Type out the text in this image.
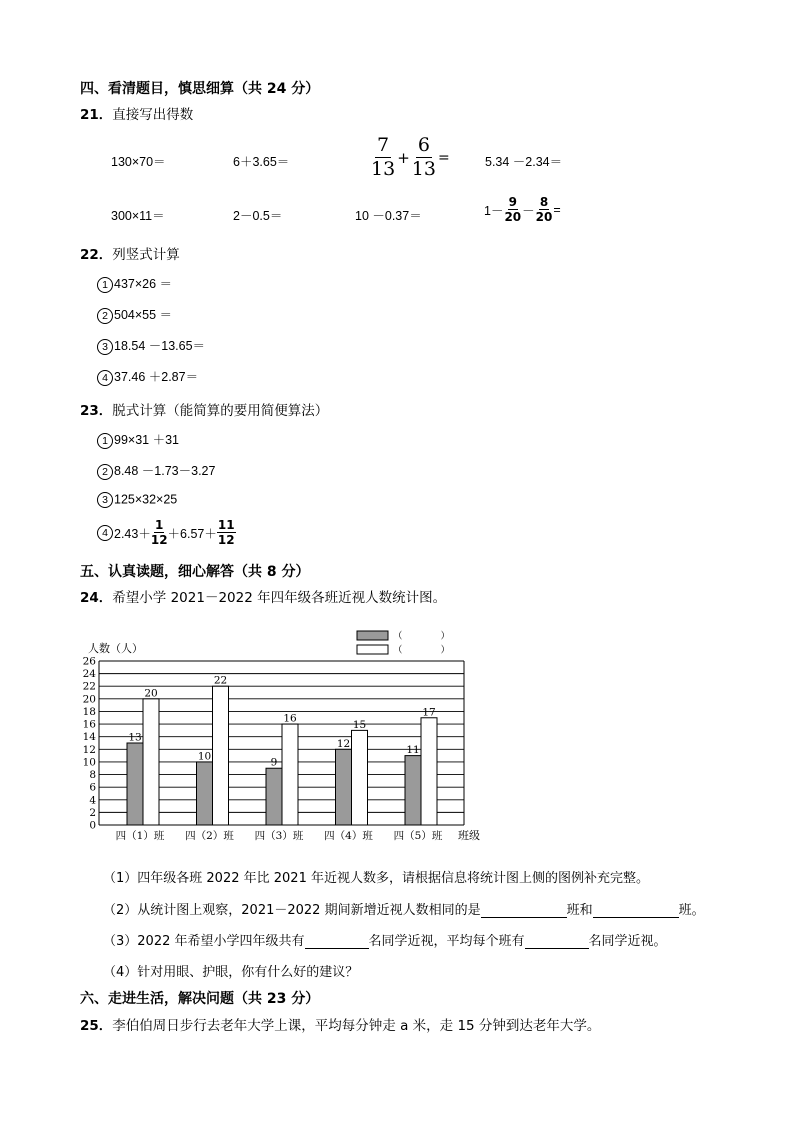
四、看清题目，慎思细算（共 24 分）
21．直接写出得数
130×70＝	6＋3.65＝	$\frac{7}{13} + \frac{6}{13}$ =	5.34 －2.34＝
300×11＝	2－0.5＝	10 －0.37＝	$1- \frac{9}{20} - \frac{8}{20}$ =
22．列竖式计算
1 437×26 ＝
2 504×55 ＝
3 18.54 －13.65＝
4 37.46 ＋2.87＝
23．脱式计算（能简算的要用简便算法）
1 99×31 ＋31
2 8.48 －1.73－3.27
3 125×32×25
4 $2.43+ \frac{1}{12} +6.57+ \frac{11}{12}$
五、认真读题，细心解答（共 8 分）
24．希望小学 2021－2022 年四年级各班近视人数统计图。
0
2
4
6
8
10
12
14
16
18
20
22
24
26
13
20
10
22
9
16
12
15
11
17
四（1）班 四（2）班 四（3）班 四（4）班 四（5）班
人数（人）
班级
（　　　　）
（　　　　）
（1）四年级各班 2022 年比 2021 年近视人数多，请根据信息将统计图上侧的图例补充完整。
（2）从统计图上观察，2021－2022 期间新增近视人数相同的是	班和	班。
（3）2022 年希望小学四年级共有	名同学近视，平均每个班有	名同学近视。
（4）针对用眼、护眼，你有什么好的建议？
六、走进生活，解决问题（共 23 分）
25．李伯伯周日步行去老年大学上课，平均每分钟走 a 米，走 15 分钟到达老年大学。
